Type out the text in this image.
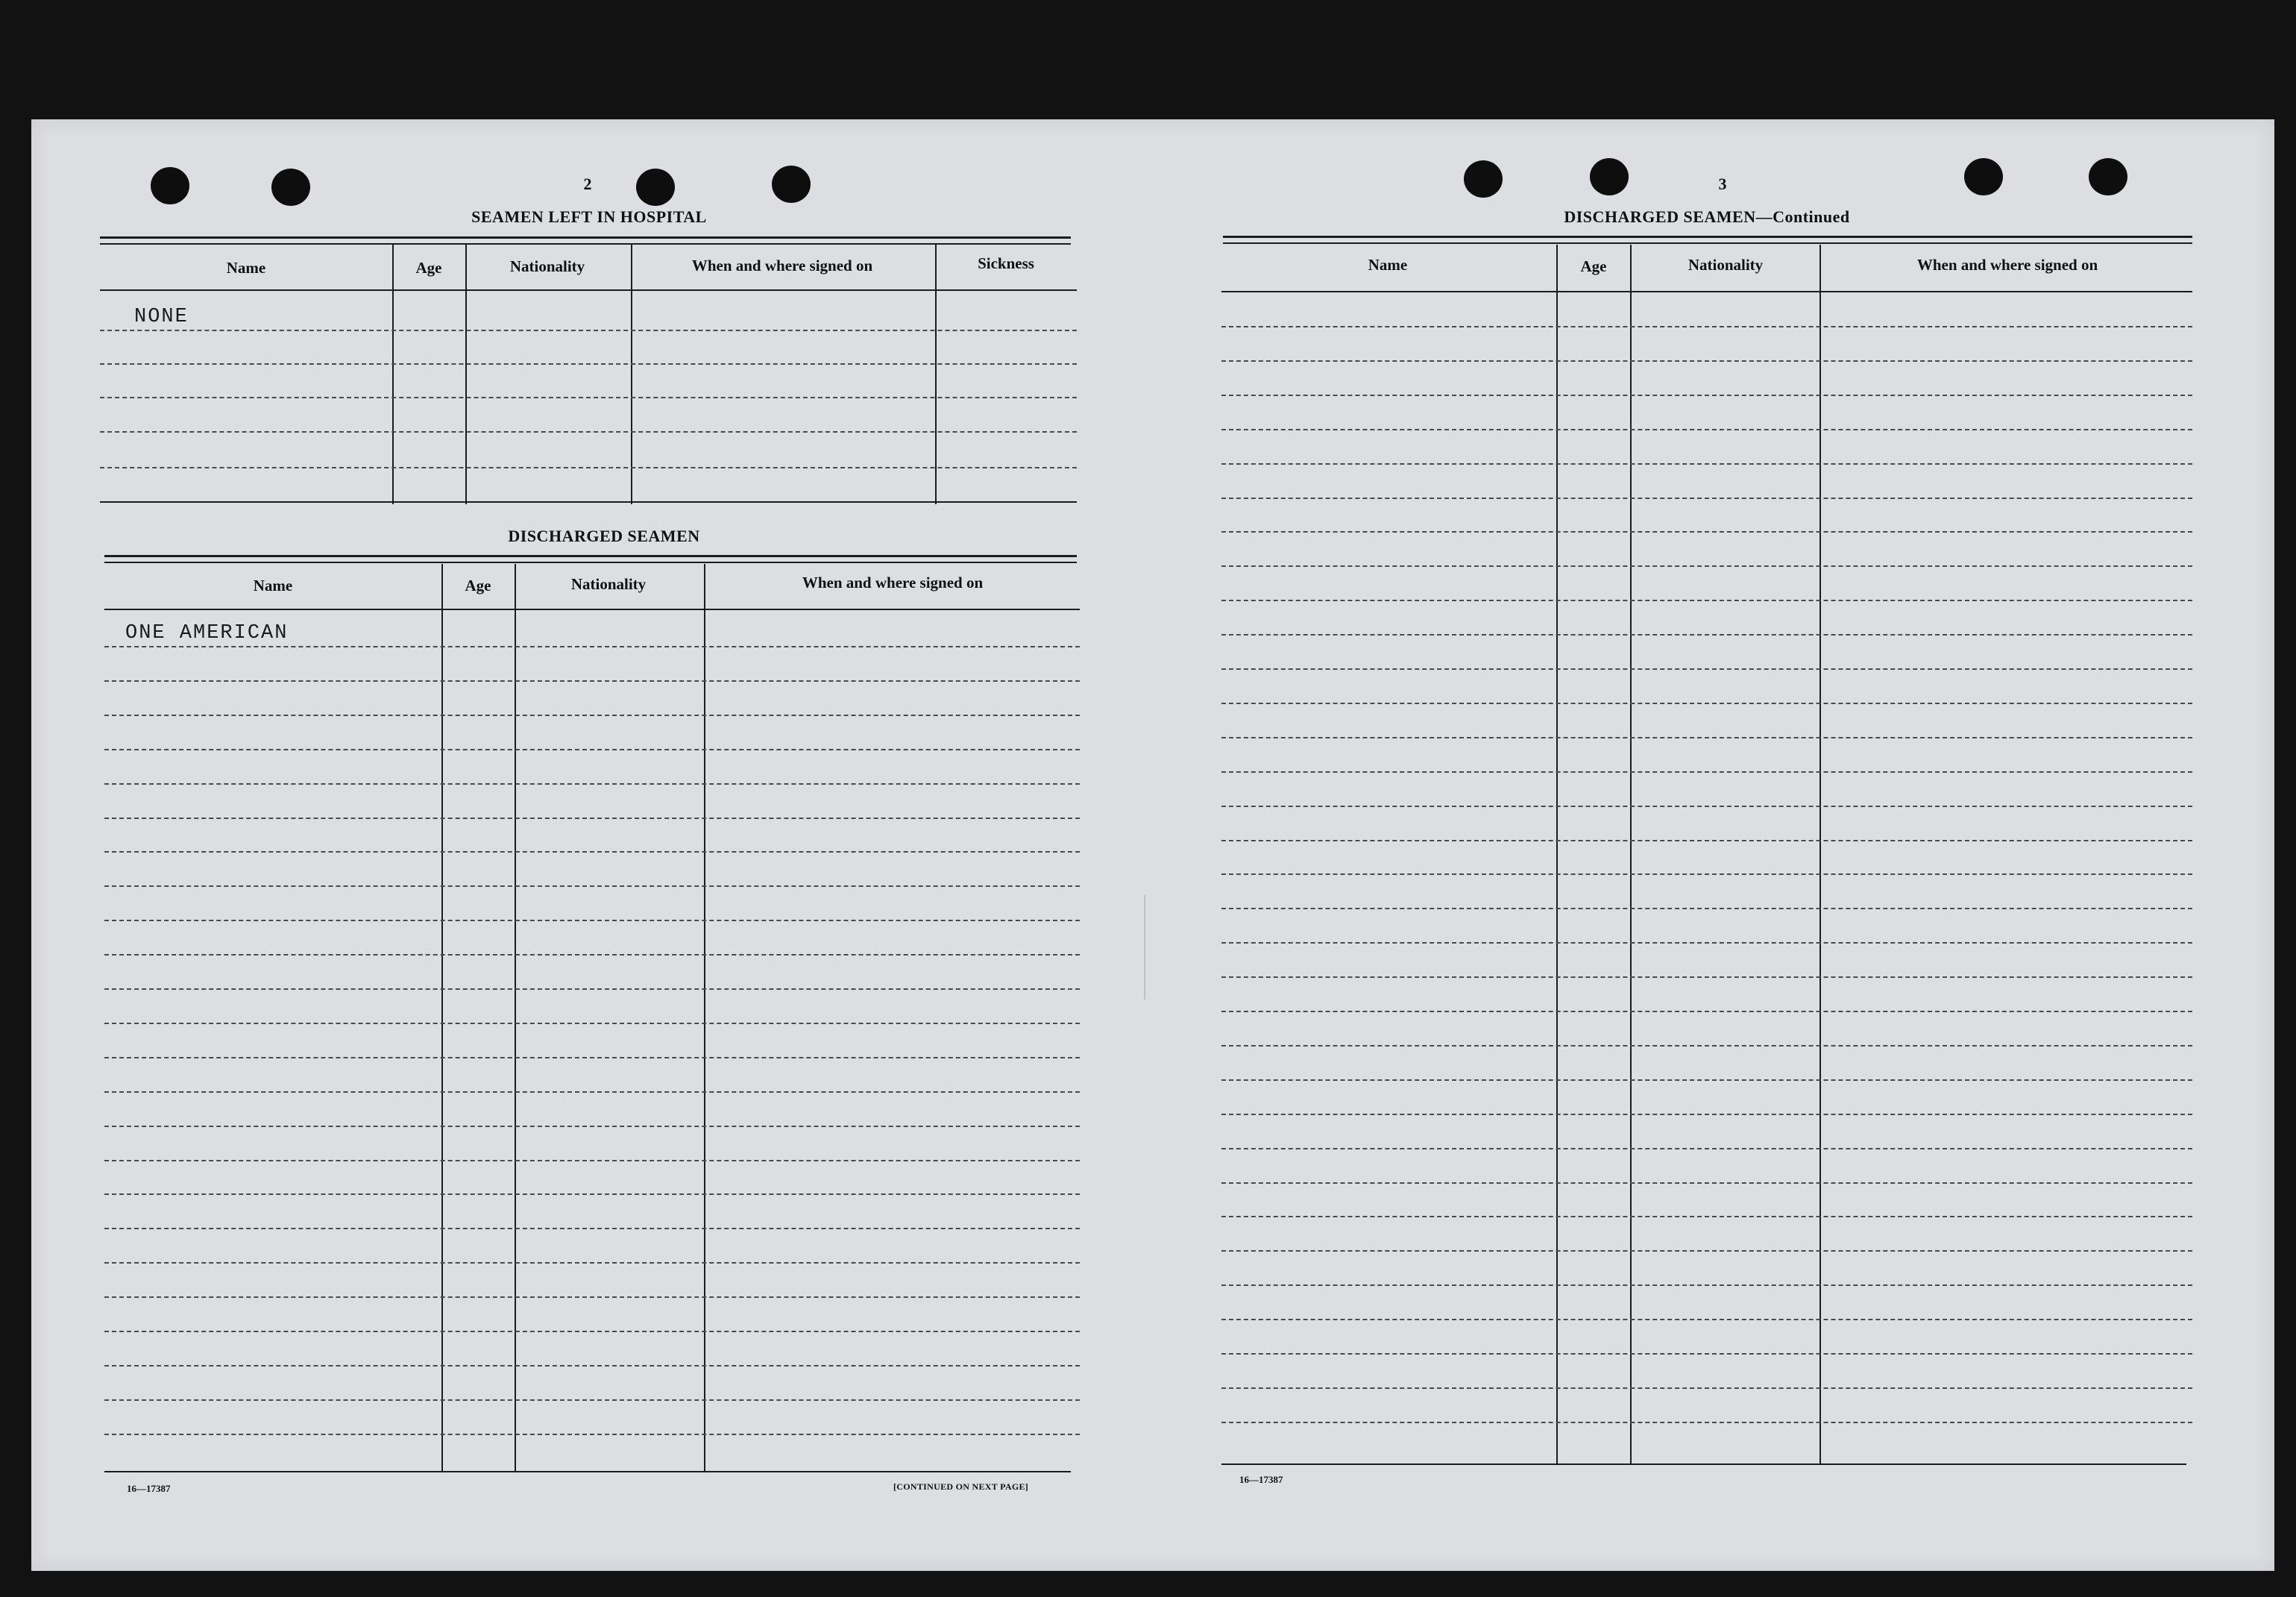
2
SEAMEN LEFT IN HOSPITAL
Name	Age	Nationality	When and where signed on	Sickness
NONE
DISCHARGED SEAMEN
Name	Age	Nationality	When and where signed on
ONE AMERICAN
16—17387	[CONTINUED ON NEXT PAGE]
3
DISCHARGED SEAMEN—Continued
Name	Age	Nationality	When and where signed on
16—17387
